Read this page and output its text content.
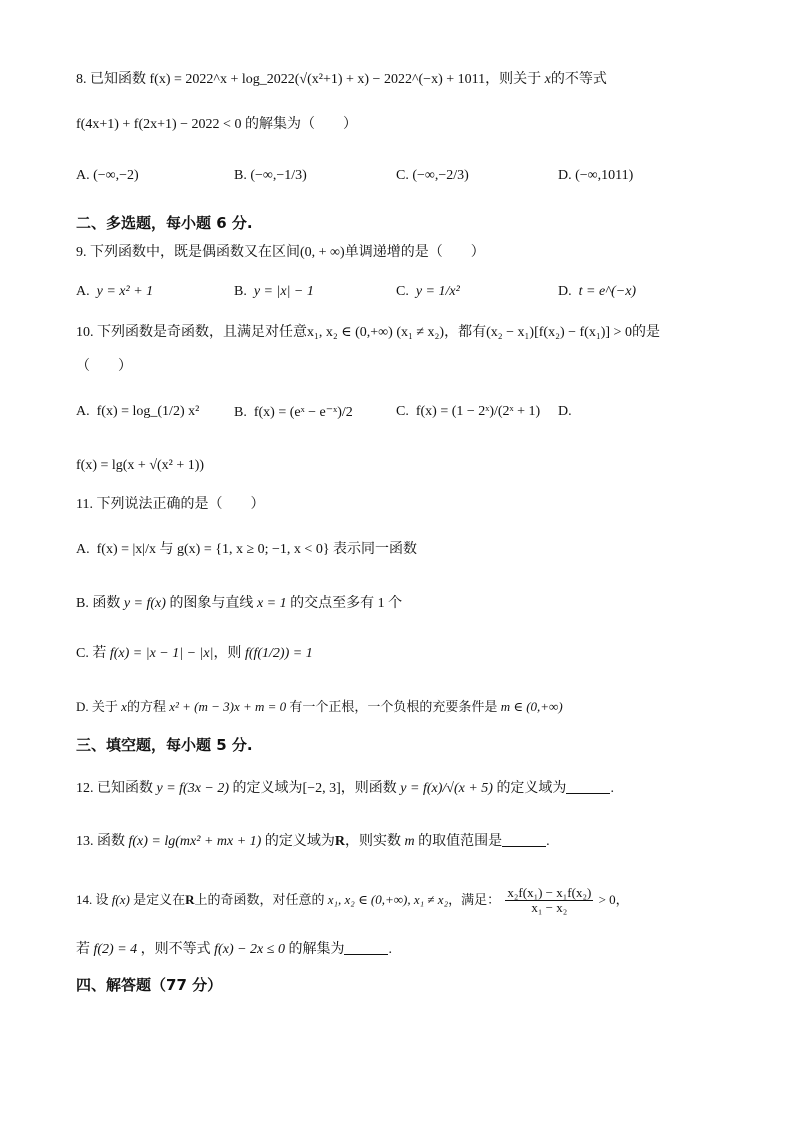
8. 已知函数 f(x) = 2022^x + log_2022(√(x²+1) + x) − 2022^(−x) + 1011，则关于 x的不等式
f(4x+1) + f(2x+1) − 2022 < 0 的解集为（　　）
A. (−∞,−2)	B. (−∞,−1/3)	C. (−∞,−2/3)	D. (−∞,1011)
二、多选题，每小题 6 分.
9. 下列函数中，既是偶函数又在区间(0, + ∞)单调递增的是（　　）
A. y = x² + 1	B. y = |x| − 1	C. y = 1/x²	D. t = e^(−x)
10. 下列函数是奇函数，且满足对任意x₁, x₂ ∈ (0,+∞) (x₁ ≠ x₂)，都有(x₂ − x₁)[f(x₂) − f(x₁)] > 0的是
（　　）
A. f(x) = log_(1/2) x² B. f(x) = (eˣ − e⁻ˣ)/2	C. f(x) = (1 − 2ˣ)/(2ˣ + 1) D.
f(x) = lg(x + √(x² + 1))
11. 下列说法正确的是（　　）
A. f(x) = |x|/x 与 g(x) = {1, x ≥ 0; −1, x < 0} 表示同一函数
B. 函数 y = f(x) 的图象与直线 x = 1 的交点至多有 1 个
C. 若 f(x) = |x − 1| − |x|，则 f(f(1/2)) = 1
D. 关于 x的方程 x² + (m − 3)x + m = 0 有一个正根，一个负根的充要条件是 m ∈ (0,+∞)
三、填空题，每小题 5 分.
12. 已知函数 y = f(3x − 2) 的定义域为[−2, 3]，则函数 y = f(x)/√(x + 5) 的定义域为	.
13. 函数 f(x) = lg(mx² + mx + 1) 的定义域为R，则实数 m 的取值范围是	.
14. 设 f(x) 是定义在R上的奇函数，对任意的 x₁, x₂ ∈ (0,+∞), x₁ ≠ x₂，满足： $\frac{\text{x₂f(x₁) − x₁f(x₂)}}{\text{x₁ − x₂}} > 0$，
若 f(2) = 4 ，则不等式 f(x) − 2x ≤ 0 的解集为	.
四、解答题（77 分）
